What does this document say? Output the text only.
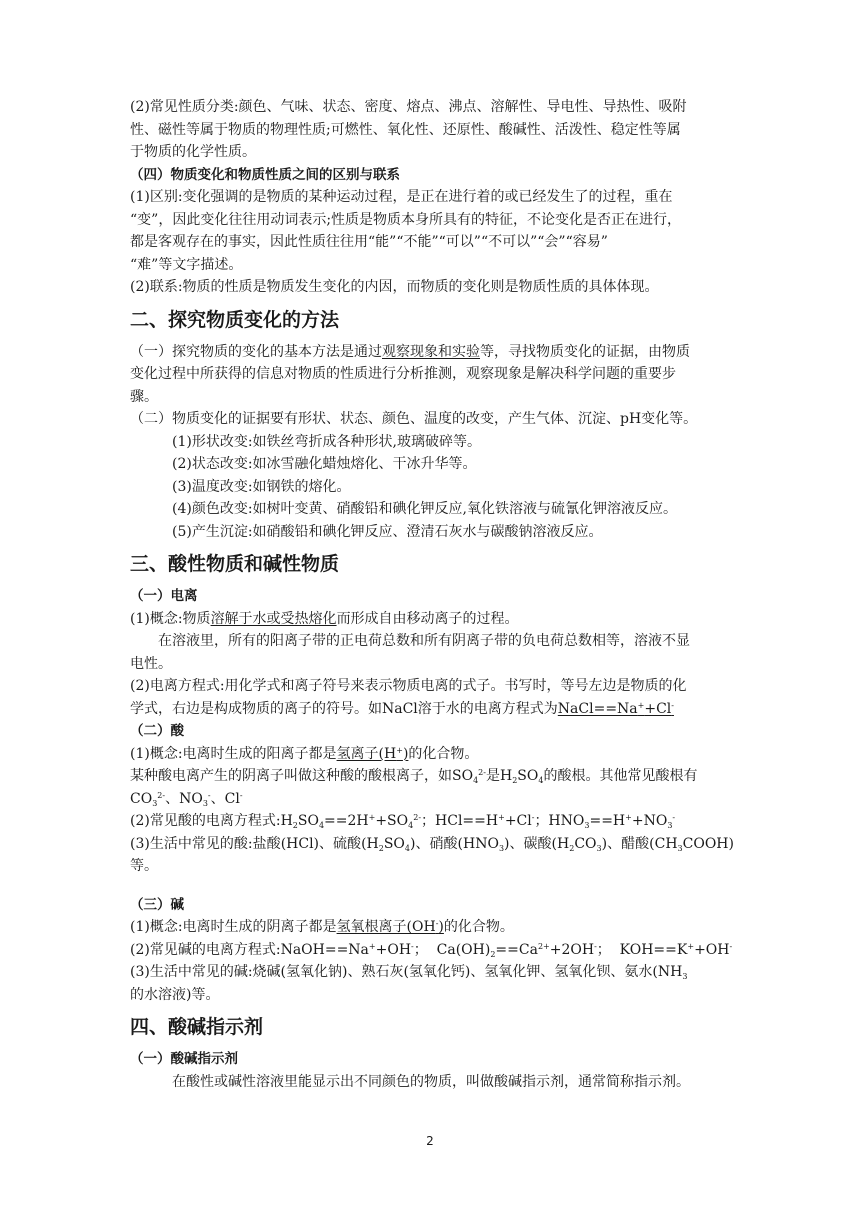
(2)常见性质分类:颜色、气味、状态、密度、熔点、沸点、溶解性、导电性、导热性、吸附

性、磁性等属于物质的物理性质;可燃性、氧化性、还原性、酸碱性、活泼性、稳定性等属

于物质的化学性质。

（四）物质变化和物质性质之间的区别与联系

(1)区别:变化强调的是物质的某种运动过程，是正在进行着的或已经发生了的过程，重在

“变”，因此变化往往用动词表示;性质是物质本身所具有的特征，不论变化是否正在进行，

都是客观存在的事实，因此性质往往用“能”“不能”“可以”“不可以”“会”“容易”

“难”等文字描述。

(2)联系:物质的性质是物质发生变化的内因，而物质的变化则是物质性质的具体体现。

二、探究物质变化的方法

（一）探究物质的变化的基本方法是通过观察现象和实验等，寻找物质变化的证据，由物质

变化过程中所获得的信息对物质的性质进行分析推测，观察现象是解决科学问题的重要步

骤。

（二）物质变化的证据要有形状、状态、颜色、温度的改变，产生气体、沉淀、pH变化等。

(1)形状改变:如铁丝弯折成各种形状,玻璃破碎等。

(2)状态改变:如冰雪融化蜡烛熔化、干冰升华等。

(3)温度改变:如钢铁的熔化。

(4)颜色改变:如树叶变黄、硝酸铅和碘化钾反应,氧化铁溶液与硫氰化钾溶液反应。

(5)产生沉淀:如硝酸铅和碘化钾反应、澄清石灰水与碳酸钠溶液反应。

三、酸性物质和碱性物质

（一）电离

(1)概念:物质溶解于水或受热熔化而形成自由移动离子的过程。

在溶液里，所有的阳离子带的正电荷总数和所有阴离子带的负电荷总数相等，溶液不显

电性。

(2)电离方程式:用化学式和离子符号来表示物质电离的式子。书写时，等号左边是物质的化

学式，右边是构成物质的离子的符号。如NaCl溶于水的电离方程式为NaCl==Na++Cl-

（二）酸

(1)概念:电离时生成的阳离子都是氢离子(H+)的化合物。

某种酸电离产生的阴离子叫做这种酸的酸根离子，如$SO_4^{2-}$是$H_2SO_4$的酸根。其他常见酸根有

$CO_3^{2-}$、$NO_3^-$、Cl-

(2)常见酸的电离方程式$:H_2SO_4==2H^++SO_4^{2-}$；HCl==H++Cl-；$HNO_3==H^++NO_3^-$

(3)生活中常见的酸:盐酸(HCl)、硫酸$(H_2SO_4)$、硝酸$(HNO_3)$、碳酸$(H_2CO_3)$、醋酸$(CH_3COOH)$等。

（三）碱

(1)概念:电离时生成的阴离子都是氢氧根离子(OH-)的化合物。

(2)常见碱的电离方程式:NaOH==Na++OH-；  $Ca(OH)_2==Ca^{2+}+2OH^-$；  KOH==K++OH-

(3)生活中常见的碱:烧碱(氢氧化钠)、熟石灰(氢氧化钙)、氢氧化钾、氢氧化钡、氨水($NH_3$

的水溶液)等。

四、酸碱指示剂

（一）酸碱指示剂

在酸性或碱性溶液里能显示出不同颜色的物质，叫做酸碱指示剂，通常简称指示剂。

2
